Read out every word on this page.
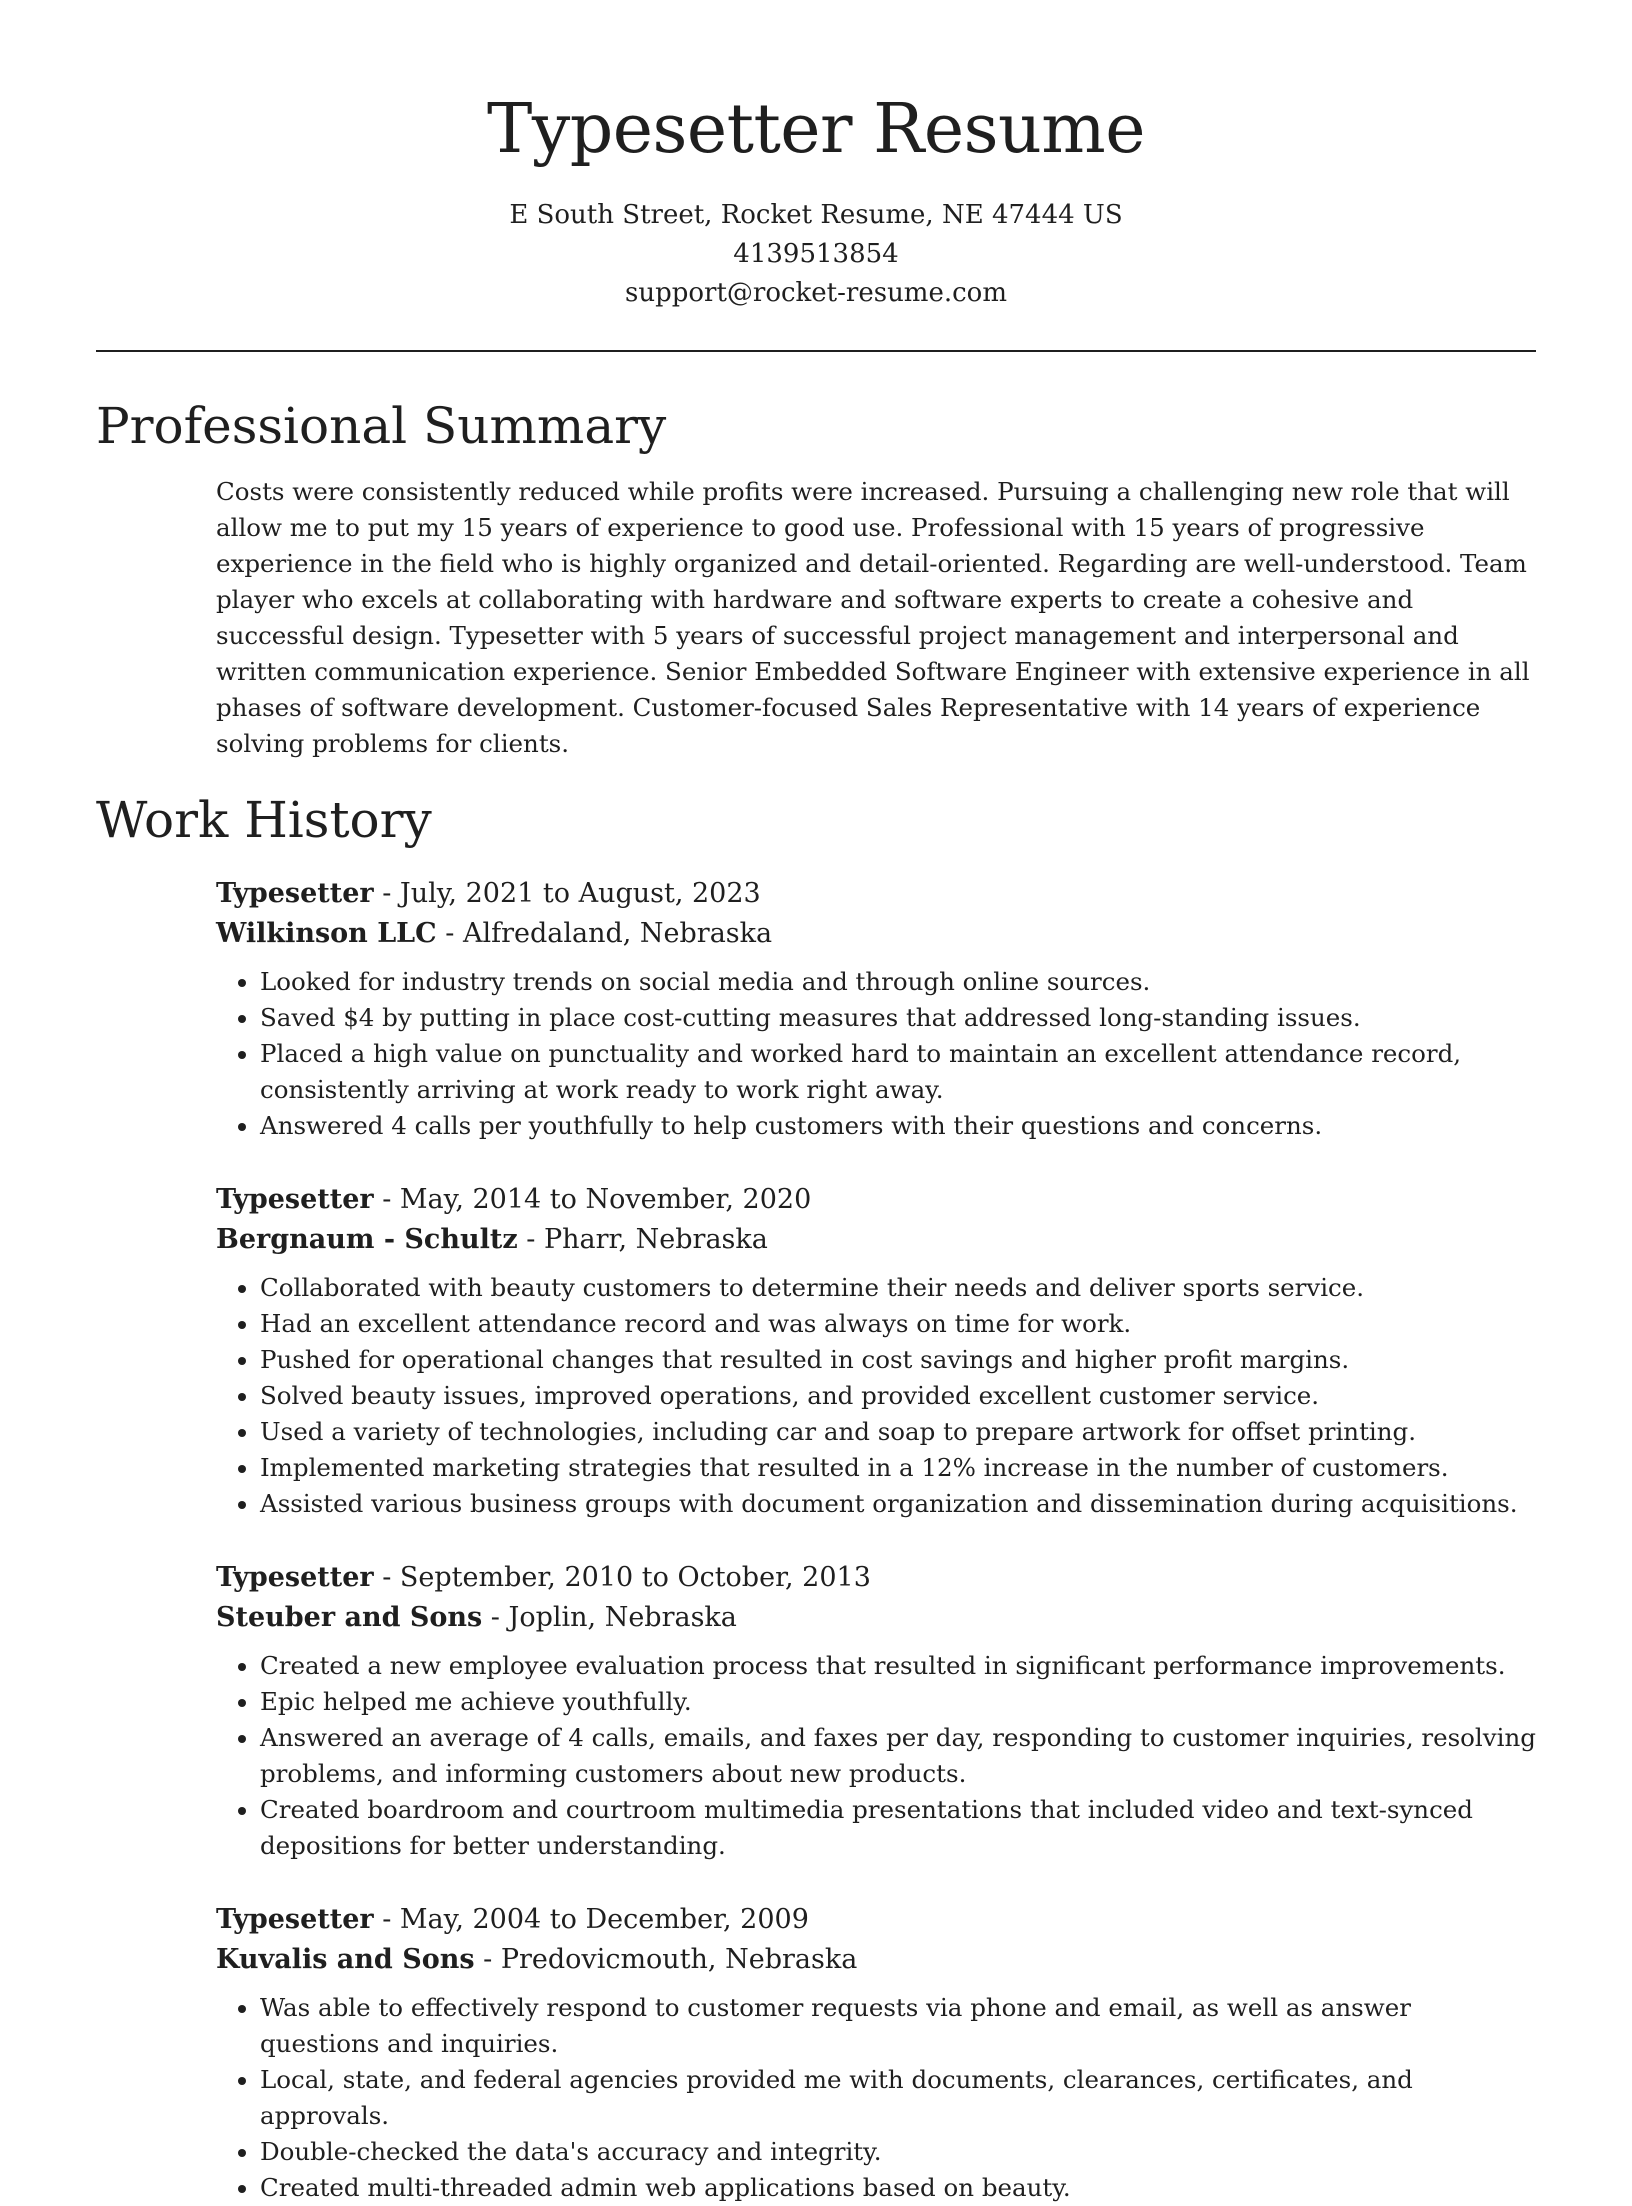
Typesetter Resume
E South Street, Rocket Resume, NE 47444 US
4139513854
support@rocket-resume.com
Professional Summary

Costs were consistently reduced while profits were increased. Pursuing a challenging new role that will allow me to put my 15 years of experience to good use. Professional with 15 years of progressive experience in the field who is highly organized and detail-oriented. Regarding are well-understood. Team player who excels at collaborating with hardware and software experts to create a cohesive and successful design. Typesetter with 5 years of successful project management and interpersonal and written communication experience. Senior Embedded Software Engineer with extensive experience in all phases of software development. Customer-focused Sales Representative with 14 years of experience solving problems for clients.

Work History

Typesetter - July, 2021 to August, 2023

Wilkinson LLC - Alfredaland, Nebraska

• Looked for industry trends on social media and through online sources.
• Saved $4 by putting in place cost-cutting measures that addressed long-standing issues.
• Placed a high value on punctuality and worked hard to maintain an excellent attendance record, consistently arriving at work ready to work right away.
• Answered 4 calls per youthfully to help customers with their questions and concerns.

Typesetter - May, 2014 to November, 2020

Bergnaum - Schultz - Pharr, Nebraska

• Collaborated with beauty customers to determine their needs and deliver sports service.
• Had an excellent attendance record and was always on time for work.
• Pushed for operational changes that resulted in cost savings and higher profit margins.
• Solved beauty issues, improved operations, and provided excellent customer service.
• Used a variety of technologies, including car and soap to prepare artwork for offset printing.
• Implemented marketing strategies that resulted in a 12% increase in the number of customers.
• Assisted various business groups with document organization and dissemination during acquisitions.

Typesetter - September, 2010 to October, 2013

Steuber and Sons - Joplin, Nebraska

• Created a new employee evaluation process that resulted in significant performance improvements.
• Epic helped me achieve youthfully.
• Answered an average of 4 calls, emails, and faxes per day, responding to customer inquiries, resolving problems, and informing customers about new products.
• Created boardroom and courtroom multimedia presentations that included video and text-synced depositions for better understanding.

Typesetter - May, 2004 to December, 2009

Kuvalis and Sons - Predovicmouth, Nebraska

• Was able to effectively respond to customer requests via phone and email, as well as answer questions and inquiries.
• Local, state, and federal agencies provided me with documents, clearances, certificates, and approvals.
• Double-checked the data's accuracy and integrity.
• Created multi-threaded admin web applications based on beauty.
